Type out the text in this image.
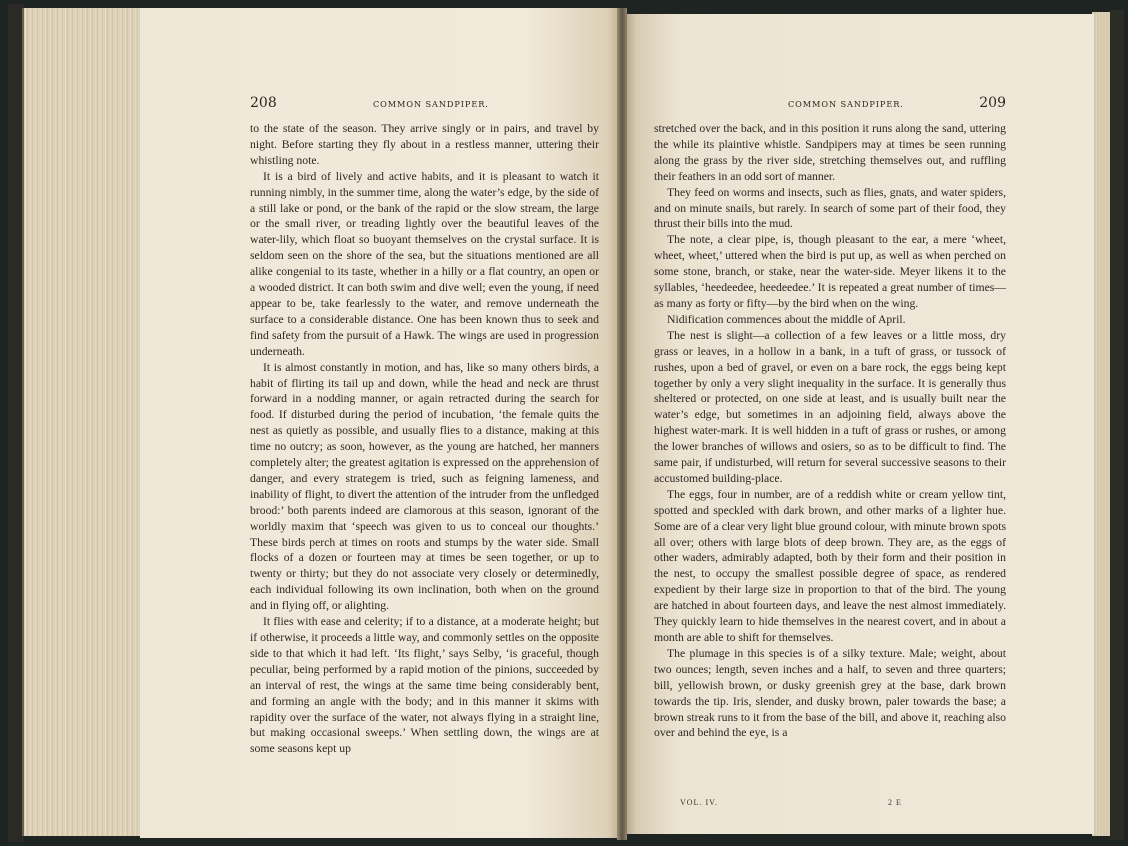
208	COMMON SANDPIPER.	COMMON SANDPIPER.	209

to the state of the season. They arrive singly or in pairs, and travel by night. Before starting they fly about in a restless manner, uttering their whistling note.

It is a bird of lively and active habits, and it is pleasant to watch it running nimbly, in the summer time, along the water’s edge, by the side of a still lake or pond, or the bank of the rapid or the slow stream, the large or the small river, or treading lightly over the beautiful leaves of the water-lily, which float so buoyant themselves on the crystal surface. It is seldom seen on the shore of the sea, but the situations mentioned are all alike congenial to its taste, whether in a hilly or a flat country, an open or a wooded district. It can both swim and dive well; even the young, if need appear to be, take fearlessly to the water, and remove underneath the surface to a considerable distance. One has been known thus to seek and find safety from the pursuit of a Hawk. The wings are used in progression underneath.

It is almost constantly in motion, and has, like so many others birds, a habit of flirting its tail up and down, while the head and neck are thrust forward in a nodding manner, or again retracted during the search for food. If disturbed during the period of incubation, ‘the female quits the nest as quietly as possible, and usually flies to a distance, making at this time no outcry; as soon, however, as the young are hatched, her manners completely alter; the greatest agitation is expressed on the apprehension of danger, and every strategem is tried, such as feigning lameness, and inability of flight, to divert the attention of the intruder from the unfledged brood:’ both parents indeed are clamorous at this season, ignorant of the worldly maxim that ‘speech was given to us to conceal our thoughts.’ These birds perch at times on roots and stumps by the water side. Small flocks of a dozen or fourteen may at times be seen together, or up to twenty or thirty; but they do not associate very closely or determinedly, each individual following its own inclination, both when on the ground and in flying off, or alighting.

It flies with ease and celerity; if to a distance, at a moderate height; but if otherwise, it proceeds a little way, and commonly settles on the opposite side to that which it had left. ‘Its flight,’ says Selby, ‘is graceful, though peculiar, being performed by a rapid motion of the pinions, succeeded by an interval of rest, the wings at the same time being considerably bent, and forming an angle with the body; and in this manner it skims with rapidity over the surface of the water, not always flying in a straight line, but making occasional sweeps.’ When settling down, the wings are at some seasons kept up

stretched over the back, and in this position it runs along the sand, uttering the while its plaintive whistle. Sandpipers may at times be seen running along the grass by the river side, stretching themselves out, and ruffling their feathers in an odd sort of manner.

They feed on worms and insects, such as flies, gnats, and water spiders, and on minute snails, but rarely. In search of some part of their food, they thrust their bills into the mud.

The note, a clear pipe, is, though pleasant to the ear, a mere ‘wheet, wheet, wheet,’ uttered when the bird is put up, as well as when perched on some stone, branch, or stake, near the water-side. Meyer likens it to the syllables, ‘heedeedee, heedeedee.’ It is repeated a great number of times—as many as forty or fifty—by the bird when on the wing.

Nidification commences about the middle of April.

The nest is slight—a collection of a few leaves or a little moss, dry grass or leaves, in a hollow in a bank, in a tuft of grass, or tussock of rushes, upon a bed of gravel, or even on a bare rock, the eggs being kept together by only a very slight inequality in the surface. It is generally thus sheltered or protected, on one side at least, and is usually built near the water’s edge, but sometimes in an adjoining field, always above the highest water-mark. It is well hidden in a tuft of grass or rushes, or among the lower branches of willows and osiers, so as to be difficult to find. The same pair, if undisturbed, will return for several successive seasons to their accustomed building-place.

The eggs, four in number, are of a reddish white or cream yellow tint, spotted and speckled with dark brown, and other marks of a lighter hue. Some are of a clear very light blue ground colour, with minute brown spots all over; others with large blots of deep brown. They are, as the eggs of other waders, admirably adapted, both by their form and their position in the nest, to occupy the smallest possible degree of space, as rendered expedient by their large size in proportion to that of the bird. The young are hatched in about fourteen days, and leave the nest almost immediately. They quickly learn to hide themselves in the nearest covert, and in about a month are able to shift for themselves.

The plumage in this species is of a silky texture. Male; weight, about two ounces; length, seven inches and a half, to seven and three quarters; bill, yellowish brown, or dusky greenish grey at the base, dark brown towards the tip. Iris, slender, and dusky brown, paler towards the base; a brown streak runs to it from the base of the bill, and above it, reaching also over and behind the eye, is a

VOL. IV.	2 E
